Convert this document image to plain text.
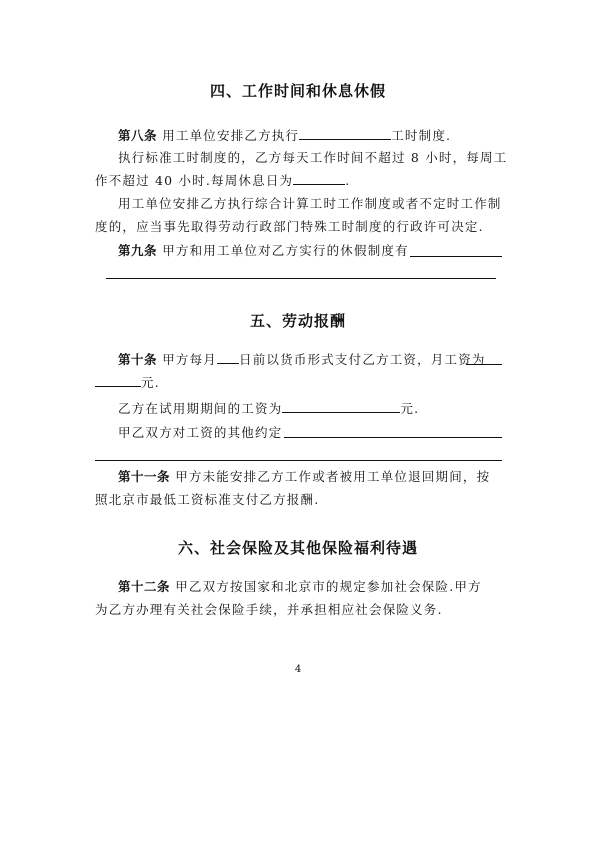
四、工作时间和休息休假
第八条 用工单位安排乙方执行	工时制度.
执行标准工时制度的，乙方每天工作时间不超过 8 小时，每周工
作不超过 40 小时.每周休息日为	.
用工单位安排乙方执行综合计算工时工作制度或者不定时工作制
度的，应当事先取得劳动行政部门特殊工时制度的行政许可决定.
第九条 甲方和用工单位对乙方实行的休假制度有
五、劳动报酬
第十条 甲方每月 日前以货币形式支付乙方工资，月工资为
元.
乙方在试用期期间的工资为	元.
甲乙双方对工资的其他约定
第十一条 甲方未能安排乙方工作或者被用工单位退回期间，按
照北京市最低工资标准支付乙方报酬.
六、社会保险及其他保险福利待遇
第十二条 甲乙双方按国家和北京市的规定参加社会保险.甲方
为乙方办理有关社会保险手续，并承担相应社会保险义务.
4
